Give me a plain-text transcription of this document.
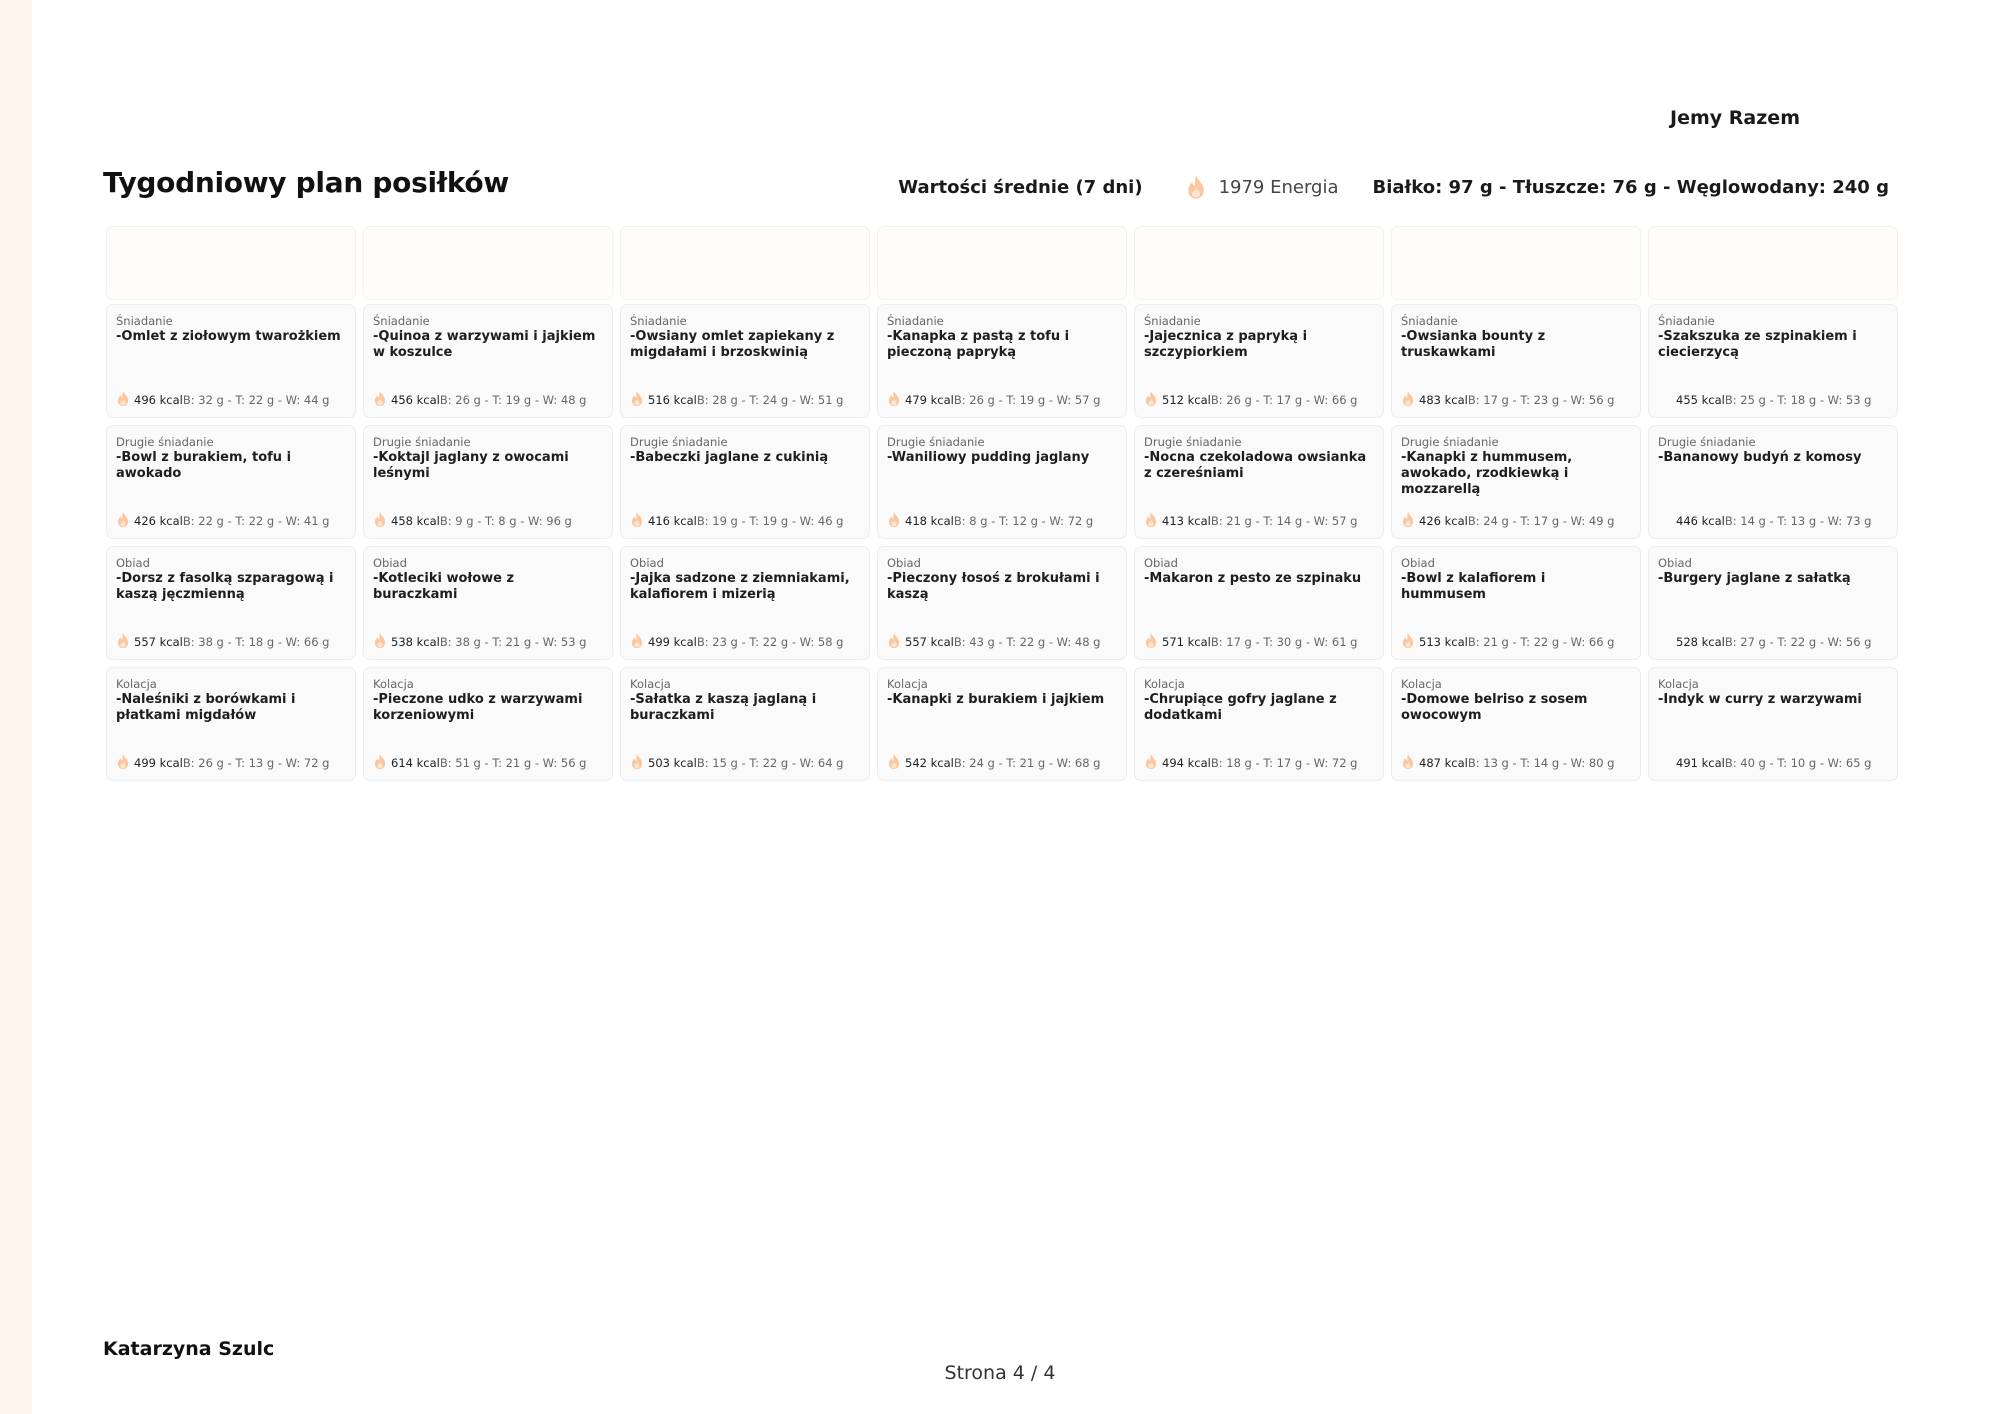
Jemy Razem
Tygodniowy plan posiłków	Wartości średnie (7 dni)	1979 Energia Białko: 97 g - Tłuszcze: 76 g - Węglowodany: 240 g
Śniadanie
-Omlet z ziołowym twarożkiem
496 kcal B: 32 g - T: 22 g - W: 44 g
Drugie śniadanie
-Bowl z burakiem, tofu i awokado
426 kcal B: 22 g - T: 22 g - W: 41 g
Obiad
-Dorsz z fasolką szparagową i kaszą jęczmienną
557 kcal B: 38 g - T: 18 g - W: 66 g
Kolacja
-Naleśniki z borówkami i płatkami migdałów
499 kcal B: 26 g - T: 13 g - W: 72 g
Śniadanie
-Quinoa z warzywami i jajkiem w koszulce
456 kcal B: 26 g - T: 19 g - W: 48 g
Drugie śniadanie
-Koktajl jaglany z owocami leśnymi
458 kcal B: 9 g - T: 8 g - W: 96 g
Obiad
-Kotleciki wołowe z buraczkami
538 kcal B: 38 g - T: 21 g - W: 53 g
Kolacja
-Pieczone udko z warzywami korzeniowymi
614 kcal B: 51 g - T: 21 g - W: 56 g
Śniadanie
-Owsiany omlet zapiekany z migdałami i brzoskwinią
516 kcal B: 28 g - T: 24 g - W: 51 g
Drugie śniadanie
-Babeczki jaglane z cukinią
416 kcal B: 19 g - T: 19 g - W: 46 g
Obiad
-Jajka sadzone z ziemniakami, kalafiorem i mizerią
499 kcal B: 23 g - T: 22 g - W: 58 g
Kolacja
-Sałatka z kaszą jaglaną i buraczkami
503 kcal B: 15 g - T: 22 g - W: 64 g
Śniadanie
-Kanapka z pastą z tofu i pieczoną papryką
479 kcal B: 26 g - T: 19 g - W: 57 g
Drugie śniadanie
-Waniliowy pudding jaglany
418 kcal B: 8 g - T: 12 g - W: 72 g
Obiad
-Pieczony łosoś z brokułami i kaszą
557 kcal B: 43 g - T: 22 g - W: 48 g
Kolacja
-Kanapki z burakiem i jajkiem
542 kcal B: 24 g - T: 21 g - W: 68 g
Śniadanie
-Jajecznica z papryką i szczypiorkiem
512 kcal B: 26 g - T: 17 g - W: 66 g
Drugie śniadanie
-Nocna czekoladowa owsianka z czereśniami
413 kcal B: 21 g - T: 14 g - W: 57 g
Obiad
-Makaron z pesto ze szpinaku
571 kcal B: 17 g - T: 30 g - W: 61 g
Kolacja
-Chrupiące gofry jaglane z dodatkami
494 kcal B: 18 g - T: 17 g - W: 72 g
Śniadanie
-Owsianka bounty z truskawkami
483 kcal B: 17 g - T: 23 g - W: 56 g
Drugie śniadanie
-Kanapki z hummusem, awokado, rzodkiewką i mozzarellą
426 kcal B: 24 g - T: 17 g - W: 49 g
Obiad
-Bowl z kalafiorem i hummusem
513 kcal B: 21 g - T: 22 g - W: 66 g
Kolacja
-Domowe belriso z sosem owocowym
487 kcal B: 13 g - T: 14 g - W: 80 g
Śniadanie
-Szakszuka ze szpinakiem i ciecierzycą
455 kcal B: 25 g - T: 18 g - W: 53 g
Drugie śniadanie
-Bananowy budyń z komosy
446 kcal B: 14 g - T: 13 g - W: 73 g
Obiad
-Burgery jaglane z sałatką
528 kcal B: 27 g - T: 22 g - W: 56 g
Kolacja
-Indyk w curry z warzywami
491 kcal B: 40 g - T: 10 g - W: 65 g
Katarzyna Szulc
Strona 4 / 4
